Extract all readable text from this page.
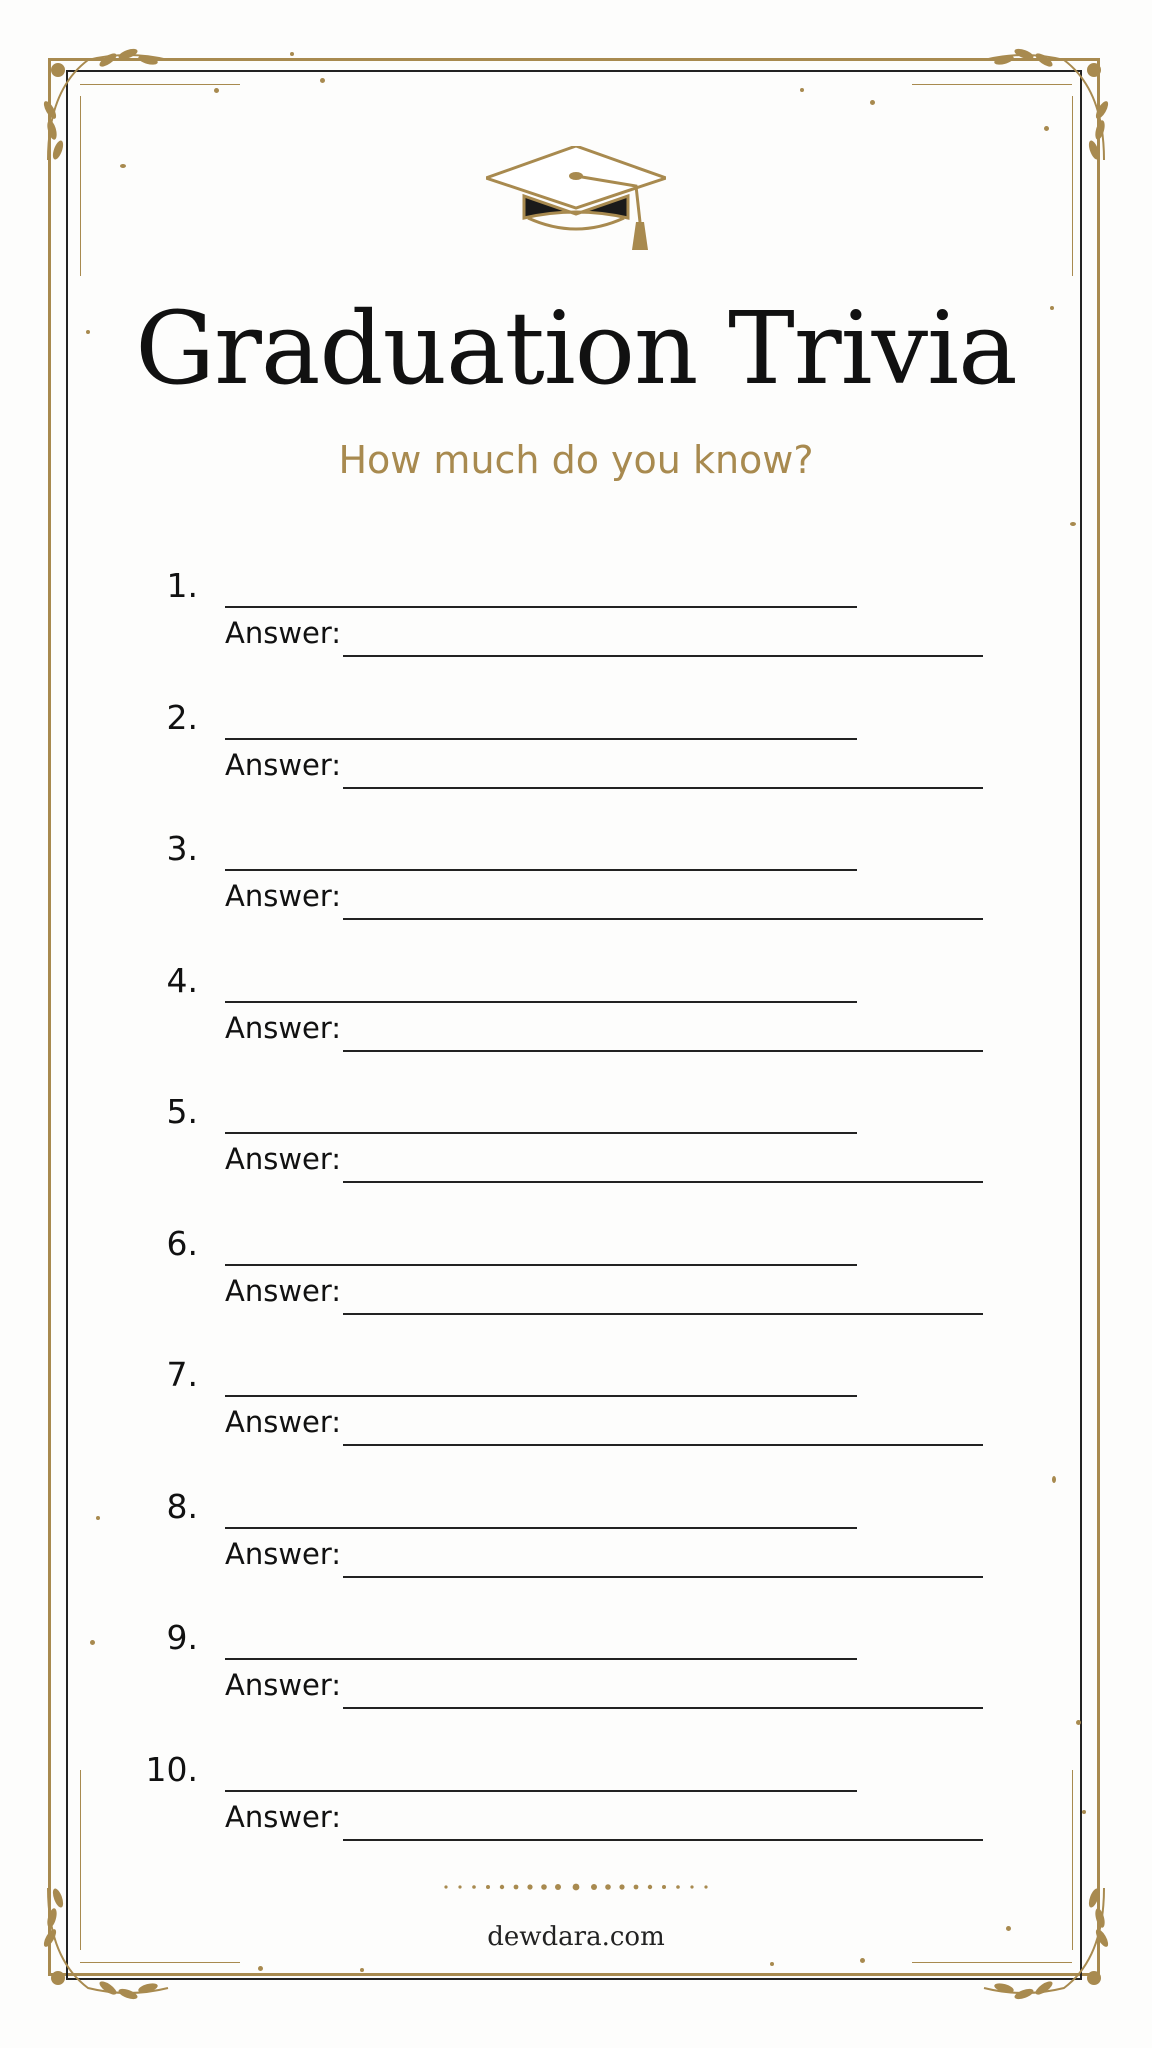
Graduation Trivia
How much do you know?
1.
Answer:
2.
Answer:
3.
Answer:
4.
Answer:
5.
Answer:
6.
Answer:
7.
Answer:
8.
Answer:
9.
Answer:
10.
Answer:
dewdara.com
